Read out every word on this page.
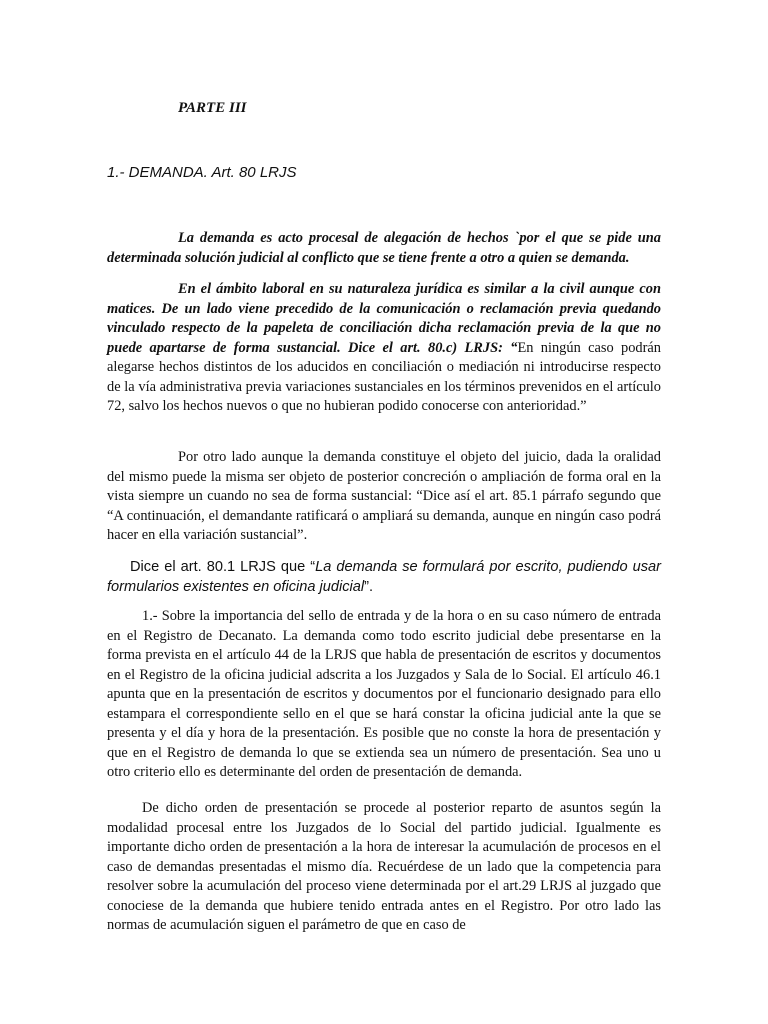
PARTE III
1.- DEMANDA. Art. 80 LRJS

La demanda es acto procesal de alegación de hechos `por el que se pide una determinada solución judicial al conflicto que se tiene frente a otro a quien se demanda.

En el ámbito laboral en su naturaleza jurídica es similar a la civil aunque con matices. De un lado viene precedido de la comunicación o reclamación previa quedando vinculado respecto de la papeleta de conciliación dicha reclamación previa de la que no puede apartarse de forma sustancial. Dice el art. 80.c) LRJS: “En ningún caso podrán alegarse hechos distintos de los aducidos en conciliación o mediación ni introducirse respecto de la vía administrativa previa variaciones sustanciales en los términos prevenidos en el artículo 72, salvo los hechos nuevos o que no hubieran podido conocerse con anterioridad.”

Por otro lado aunque la demanda constituye el objeto del juicio, dada la oralidad del mismo puede la misma ser objeto de posterior concreción o ampliación de forma oral en la vista siempre un cuando no sea de forma sustancial: “Dice así el art. 85.1 párrafo segundo que “A continuación, el demandante ratificará o ampliará su demanda, aunque en ningún caso podrá hacer en ella variación sustancial”.

Dice el art. 80.1 LRJS que “La demanda se formulará por escrito, pudiendo usar formularios existentes en oficina judicial”.

1.- Sobre la importancia del sello de entrada y de la hora o en su caso número de entrada en el Registro de Decanato. La demanda como todo escrito judicial debe presentarse en la forma prevista en el artículo 44 de la LRJS que habla de presentación de escritos y documentos en el Registro de la oficina judicial adscrita a los Juzgados y Sala de lo Social. El artículo 46.1 apunta que en la presentación de escritos y documentos por el funcionario designado para ello estampara el correspondiente sello en el que se hará constar la oficina judicial ante la que se presenta y el día y hora de la presentación. Es posible que no conste la hora de presentación y que en el Registro de demanda lo que se extienda sea un número de presentación. Sea uno u otro criterio ello es determinante del orden de presentación de demanda.

De dicho orden de presentación se procede al posterior reparto de asuntos según la modalidad procesal entre los Juzgados de lo Social del partido judicial. Igualmente es importante dicho orden de presentación a la hora de interesar la acumulación de procesos en el caso de demandas presentadas el mismo día. Recuérdese de un lado que la competencia para resolver sobre la acumulación del proceso viene determinada por el art.29 LRJS al juzgado que conociese de la demanda que hubiere tenido entrada antes en el Registro. Por otro lado las normas de acumulación siguen el parámetro de que en caso de
